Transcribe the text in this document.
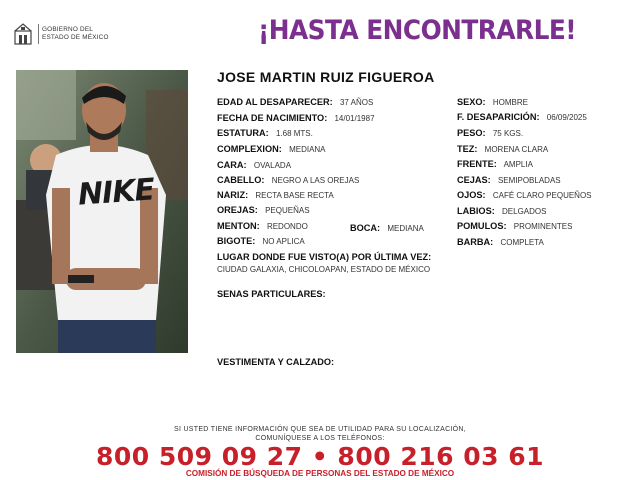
GOBIERNO DEL
ESTADO DE MÉXICO	¡HASTA ENCONTRARLE!
NIKE
JOSE MARTIN RUIZ FIGUEROA
EDAD AL DESAPARECER: 37 AÑOS
FECHA DE NACIMIENTO: 14/01/1987
ESTATURA: 1.68 MTS.
COMPLEXION: MEDIANA
CARA: OVALADA
CABELLO: NEGRO A LAS OREJAS
NARIZ: RECTA BASE RECTA
OREJAS: PEQUEÑAS
MENTON: REDONDO	BOCA: MEDIANA
BIGOTE: NO APLICA
SEXO: HOMBRE
F. DESAPARICIÓN: 06/09/2025
PESO: 75 KGS.
TEZ: MORENA CLARA
FRENTE: AMPLIA
CEJAS: SEMIPOBLADAS
OJOS: CAFÉ CLARO PEQUEÑOS
LABIOS: DELGADOS
POMULOS: PROMINENTES
BARBA: COMPLETA
LUGAR DONDE FUE VISTO(A) POR ÚLTIMA VEZ:
CIUDAD GALAXIA, CHICOLOAPAN, ESTADO DE MÉXICO
SENAS PARTICULARES:
VESTIMENTA Y CALZADO:
SI USTED TIENE INFORMACIÓN QUE SEA DE UTILIDAD PARA SU LOCALIZACIÓN,
COMUNÍQUESE A LOS TELÉFONOS:
800 509 09 27 • 800 216 03 61
COMISIÓN DE BÚSQUEDA DE PERSONAS DEL ESTADO DE MÉXICO
